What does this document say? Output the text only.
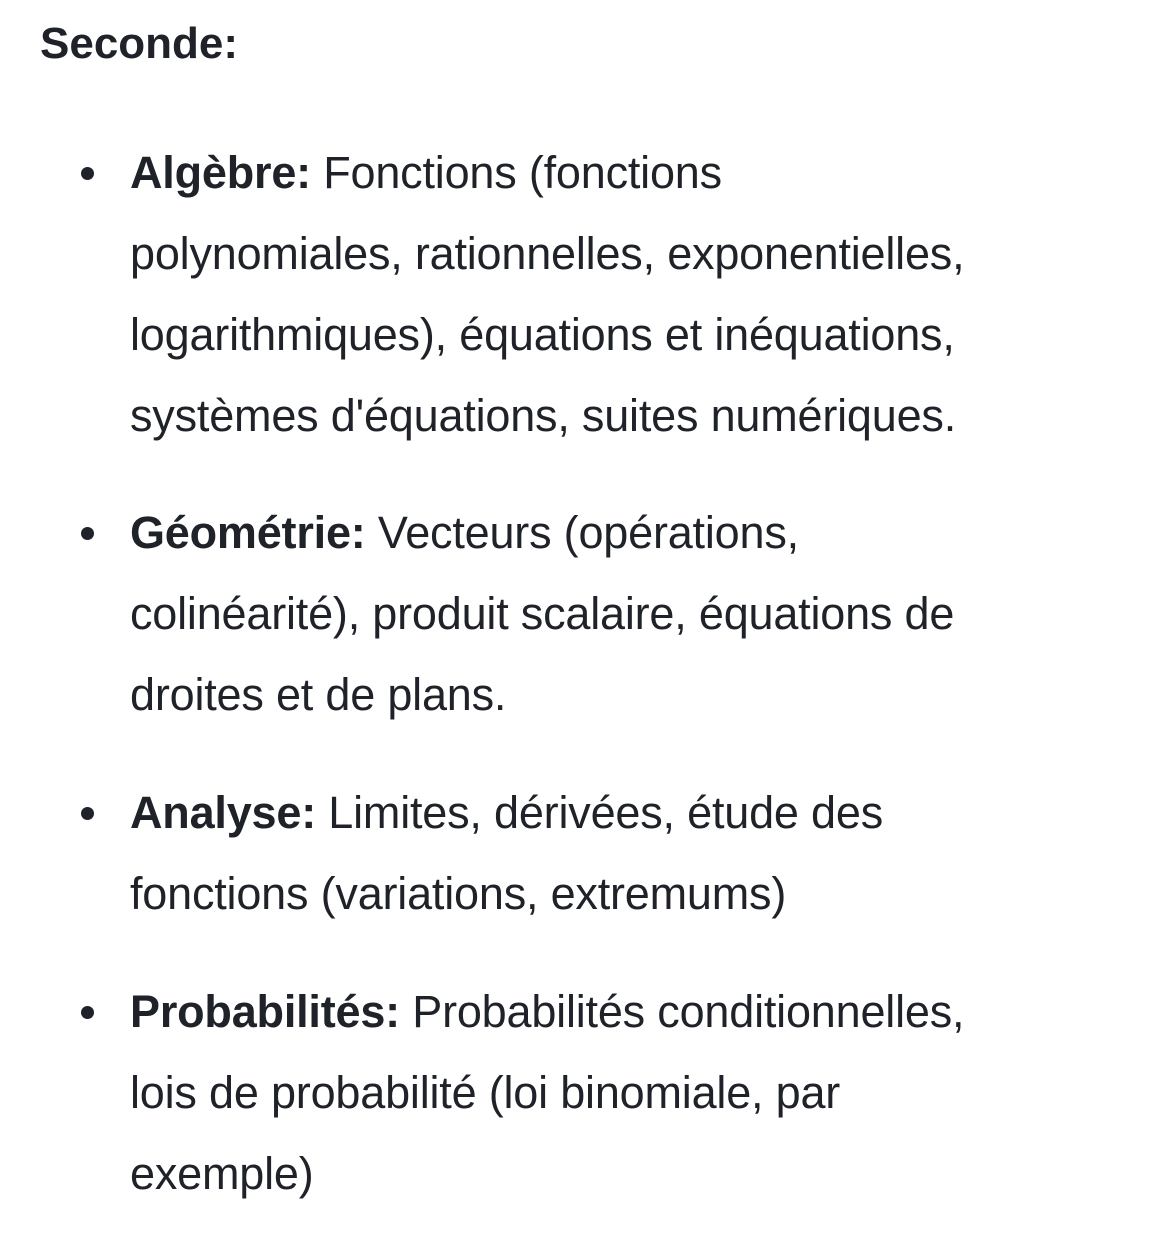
Seconde:

Algèbre: Fonctions (fonctions
polynomiales, rationnelles, exponentielles,
logarithmiques), équations et inéquations,
systèmes d'équations, suites numériques.

Géométrie: Vecteurs (opérations,
colinéarité), produit scalaire, équations de
droites et de plans.

Analyse: Limites, dérivées, étude des
fonctions (variations, extremums)

Probabilités: Probabilités conditionnelles,
lois de probabilité (loi binomiale, par
exemple)
